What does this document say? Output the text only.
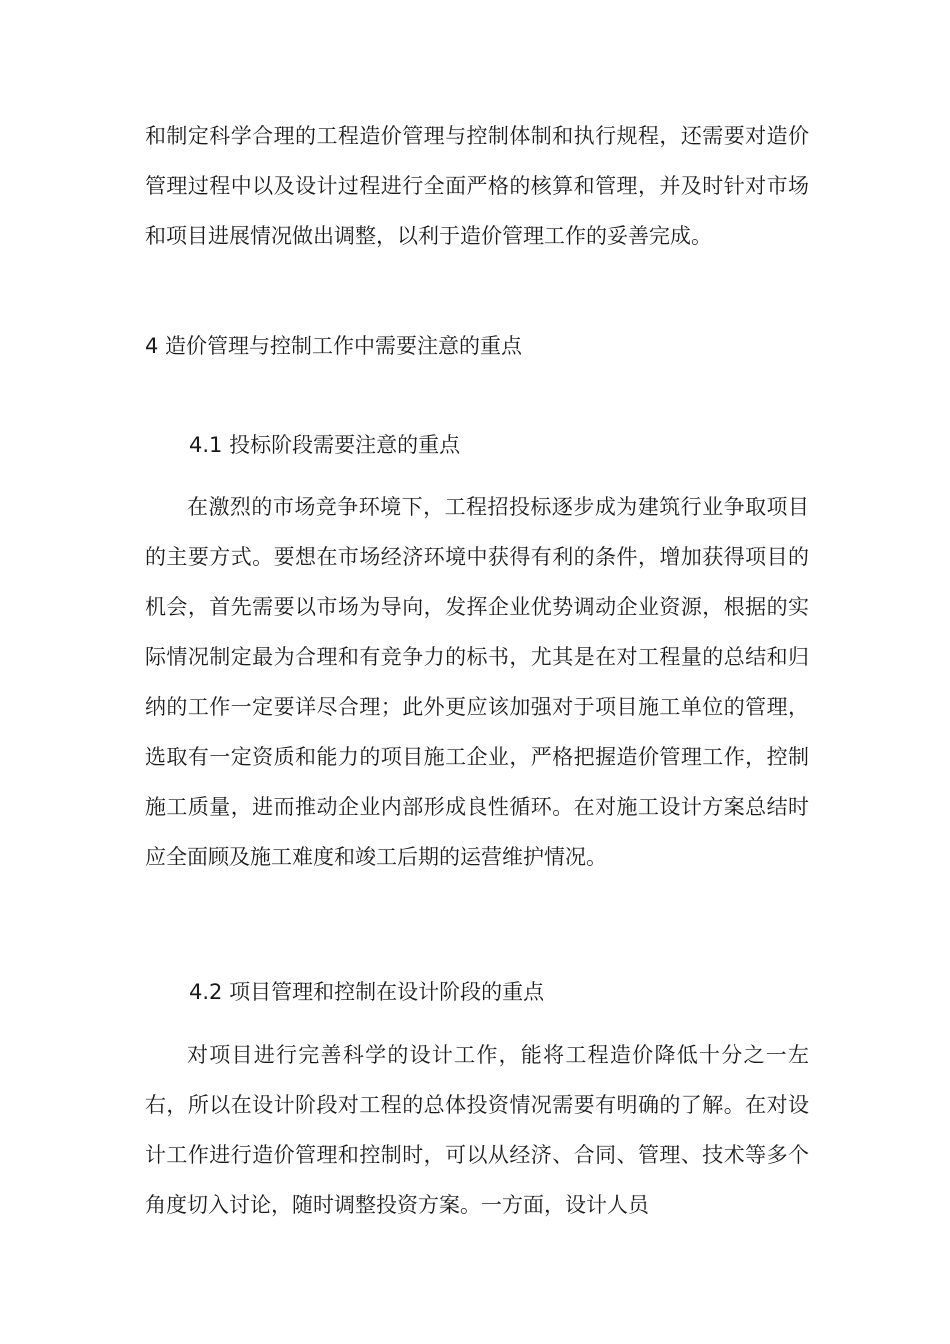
和制定科学合理的工程造价管理与控制体制和执行规程，还需要对造价管理过程中以及设计过程进行全面严格的核算和管理，并及时针对市场和项目进展情况做出调整，以利于造价管理工作的妥善完成。

4 造价管理与控制工作中需要注意的重点
4.1 投标阶段需要注意的重点

在激烈的市场竞争环境下，工程招投标逐步成为建筑行业争取项目的主要方式。要想在市场经济环境中获得有利的条件，增加获得项目的机会，首先需要以市场为导向，发挥企业优势调动企业资源，根据的实际情况制定最为合理和有竞争力的标书，尤其是在对工程量的总结和归纳的工作一定要详尽合理；此外更应该加强对于项目施工单位的管理，选取有一定资质和能力的项目施工企业，严格把握造价管理工作，控制施工质量，进而推动企业内部形成良性循环。在对施工设计方案总结时应全面顾及施工难度和竣工后期的运营维护情况。

4.2 项目管理和控制在设计阶段的重点

对项目进行完善科学的设计工作，能将工程造价降低十分之一左右，所以在设计阶段对工程的总体投资情况需要有明确的了解。在对设计工作进行造价管理和控制时，可以从经济、合同、管理、技术等多个角度切入讨论，随时调整投资方案。一方面，设计人员
